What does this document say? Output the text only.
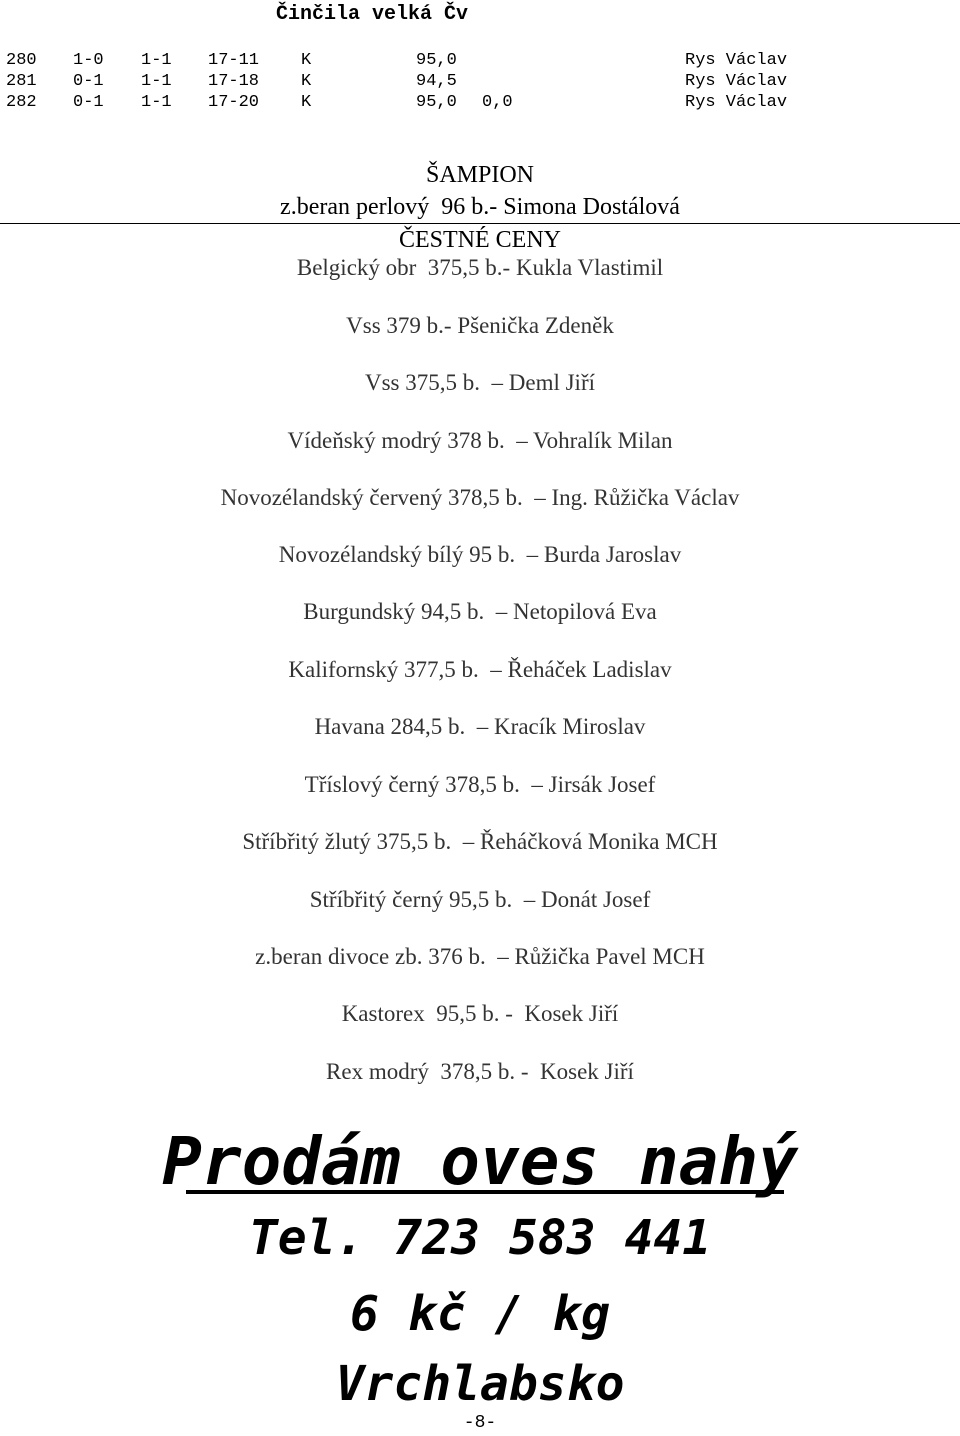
Činčila velká Čv
280 1-0 1-1 17-11 K	95,0	Rys Václav
281 0-1 1-1 17-18 K	94,5	Rys Václav
282 0-1 1-1 17-20 K	95,0 0,0	Rys Václav
ŠAMPION
z.beran perlový  96 b.- Simona Dostálová
ČESTNÉ CENY
Belgický obr  375,5 b.- Kukla Vlastimil
Vss 379 b.- Pšenička Zdeněk
Vss 375,5 b.  – Deml Jiří
Vídeňský modrý 378 b.  – Vohralík Milan
Novozélandský červený 378,5 b.  – Ing. Růžička Václav
Novozélandský bílý 95 b.  – Burda Jaroslav
Burgundský 94,5 b.  – Netopilová Eva
Kalifornský 377,5 b.  – Řeháček Ladislav
Havana 284,5 b.  – Kracík Miroslav
Tříslový černý 378,5 b.  – Jirsák Josef
Stříbřitý žlutý 375,5 b.  – Řeháčková Monika MCH
Stříbřitý černý 95,5 b.  – Donát Josef
z.beran divoce zb. 376 b.  – Růžička Pavel MCH
Kastorex  95,5 b. -  Kosek Jiří
Rex modrý  378,5 b. -  Kosek Jiří
Prodám oves nahý
Tel. 723 583 441
6 kč / kg
Vrchlabsko
-8-
